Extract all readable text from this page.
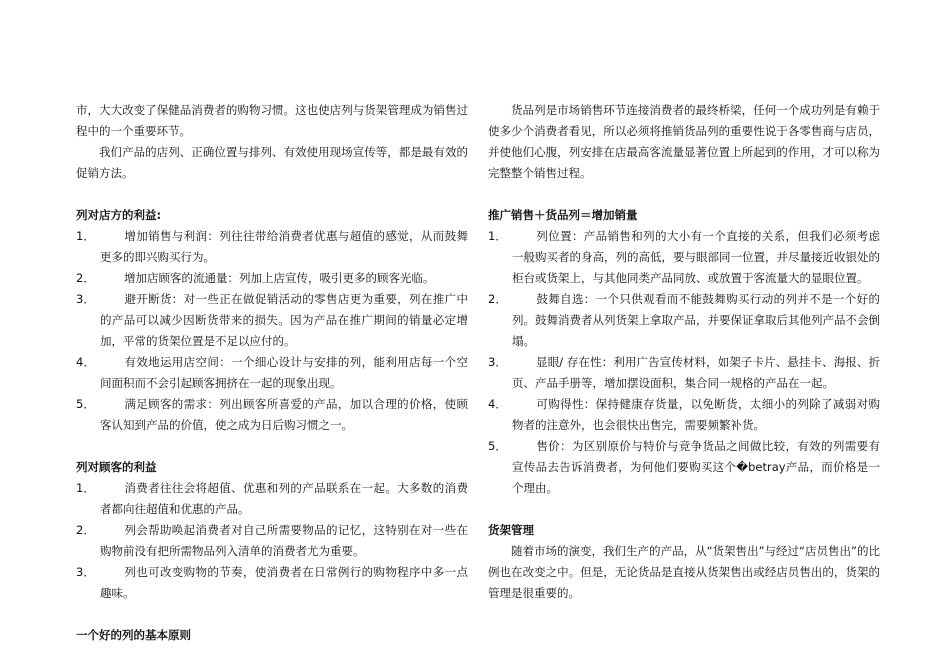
市，大大改变了保健品消费者的购物习惯。这也使店列与货架管理成为销售过程中的一个重要环节。

我们产品的店列、正确位置与排列、有效使用现场宣传等，都是最有效的促销方法。

列对店方的利益:

1．	增加销售与利润：列往往带给消费者优惠与超值的感觉，从而鼓舞更多的即兴购买行为。
2．	增加店顾客的流通量：列加上店宣传，吸引更多的顾客光临。
3．	避开断货：对一些正在做促销活动的零售店更为重要，列在推广中的产品可以减少因断货带来的损失。因为产品在推广期间的销量必定增加，平常的货架位置是不足以应付的。
4．	有效地运用店空间：一个细心设计与安排的列，能利用店每一个空间面积而不会引起顾客拥挤在一起的现象出现。
5．	满足顾客的需求：列出顾客所喜爱的产品，加以合理的价格，使顾客认知到产品的价值，使之成为日后购习惯之一。

列对顾客的利益

1．	消费者往往会将超值、优惠和列的产品联系在一起。大多数的消费者都向往超值和优惠的产品。
2．	列会帮助唤起消费者对自己所需要物品的记忆，这特别在对一些在购物前没有把所需物品列入清单的消费者尤为重要。
3．	列也可改变购物的节奏，使消费者在日常例行的购物程序中多一点趣味。

一个好的列的基本原则

货品列是市场销售环节连接消费者的最终桥梁，任何一个成功列是有赖于使多少个消费者看见，所以必须将推销货品列的重要性说于各零售商与店员，并使他们心腹，列安排在店最高客流量显著位置上所起到的作用，才可以称为完整整个销售过程。

推广销售＋货品列＝增加销量

1．	列位置：产品销售和列的大小有一个直接的关系，但我们必须考虑一般购买者的身高，列的高低，要与眼部同一位置，并尽量接近收银处的柜台或货架上，与其他同类产品同放、或放置于客流量大的显眼位置。
2．	鼓舞自选：一个只供观看而不能鼓舞购买行动的列并不是一个好的列。鼓舞消费者从列货架上拿取产品，并要保证拿取后其他列产品不会倒塌。
3．	显眼/ 存在性：利用广告宣传材料，如架子卡片、悬挂卡、海报、折页、产品手册等，增加摆设面积，集合同一规格的产品在一起。
4．	可购得性：保持健康存货量，以免断货，太细小的列除了减弱对购物者的注意外，也会很快出售完，需要频繁补货。
5．	售价：为区别原价与特价与竞争货品之间做比较，有效的列需要有宣传品去告诉消费者，为何他们要购买这个�betray产品，而价格是一个理由。

货架管理

随着市场的演变，我们生产的产品，从“货架售出”与经过“店员售出”的比例也在改变之中。但是，无论货品是直接从货架售出或经店员售出的，货架的管理是很重要的。
